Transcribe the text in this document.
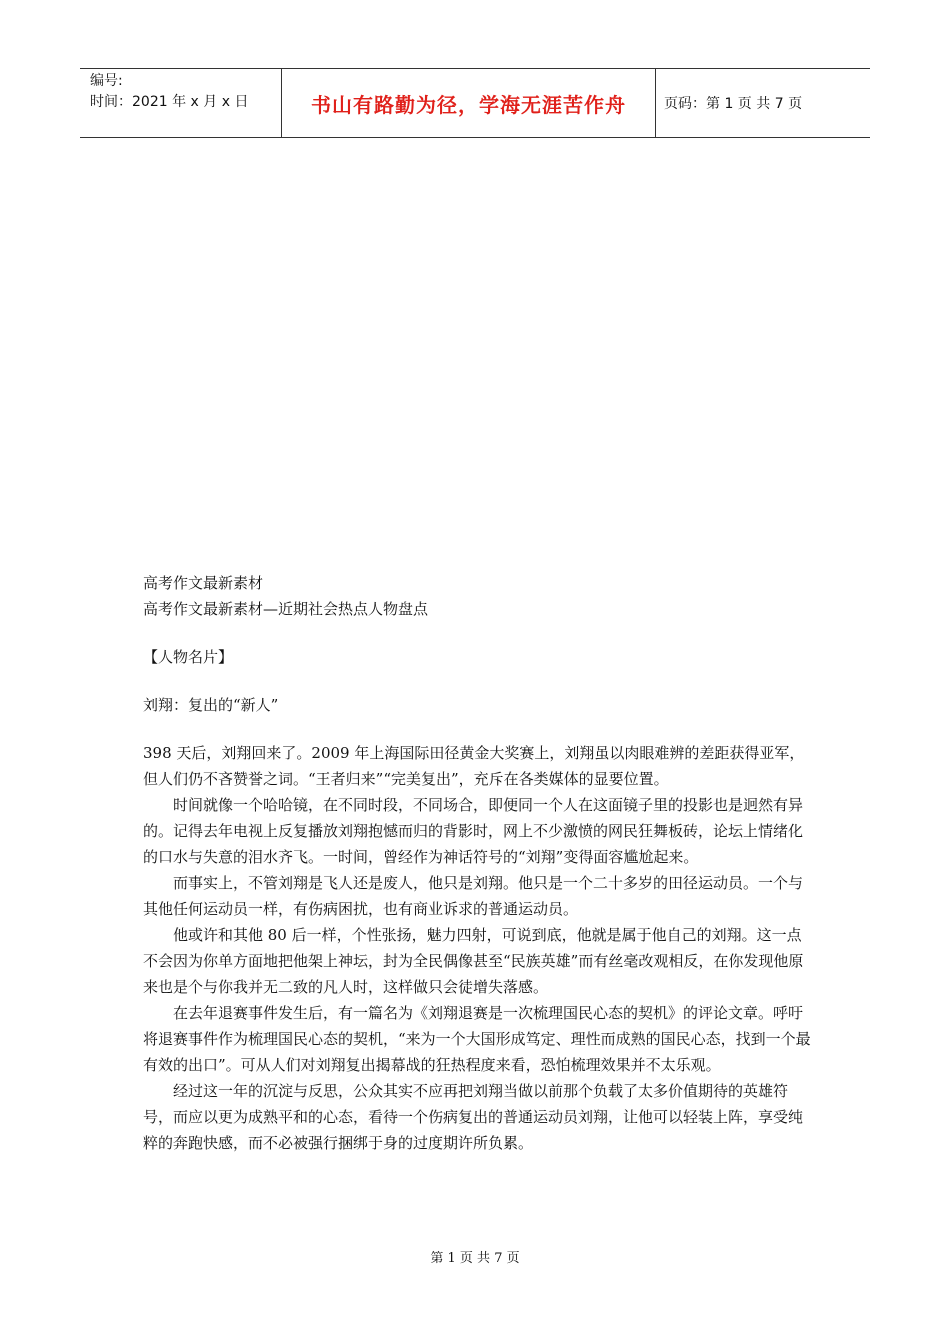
编号:
时间：2021 年 x 月 x 日	书山有路勤为径，学海无涯苦作舟	页码：第 1 页 共 7 页

高考作文最新素材

高考作文最新素材—近期社会热点人物盘点

【人物名片】

刘翔：复出的“新人”

398 天后，刘翔回来了。2009 年上海国际田径黄金大奖赛上，刘翔虽以肉眼难辨的差距获得亚军，但人们仍不吝赞誉之词。“王者归来”“完美复出”，充斥在各类媒体的显要位置。

时间就像一个哈哈镜，在不同时段，不同场合，即便同一个人在这面镜子里的投影也是迥然有异的。记得去年电视上反复播放刘翔抱憾而归的背影时，网上不少激愤的网民狂舞板砖，论坛上情绪化的口水与失意的泪水齐飞。一时间，曾经作为神话符号的“刘翔”变得面容尴尬起来。

而事实上，不管刘翔是飞人还是废人，他只是刘翔。他只是一个二十多岁的田径运动员。一个与其他任何运动员一样，有伤病困扰，也有商业诉求的普通运动员。

他或许和其他 80 后一样，个性张扬，魅力四射，可说到底，他就是属于他自己的刘翔。这一点不会因为你单方面地把他架上神坛，封为全民偶像甚至“民族英雄”而有丝毫改观相反，在你发现他原来也是个与你我并无二致的凡人时，这样做只会徒增失落感。

在去年退赛事件发生后，有一篇名为《刘翔退赛是一次梳理国民心态的契机》的评论文章。呼吁将退赛事件作为梳理国民心态的契机，“来为一个大国形成笃定、理性而成熟的国民心态，找到一个最有效的出口”。可从人们对刘翔复出揭幕战的狂热程度来看，恐怕梳理效果并不太乐观。

经过这一年的沉淀与反思，公众其实不应再把刘翔当做以前那个负载了太多价值期待的英雄符号，而应以更为成熟平和的心态，看待一个伤病复出的普通运动员刘翔，让他可以轻装上阵，享受纯粹的奔跑快感，而不必被强行捆绑于身的过度期许所负累。

第 1 页 共 7 页
